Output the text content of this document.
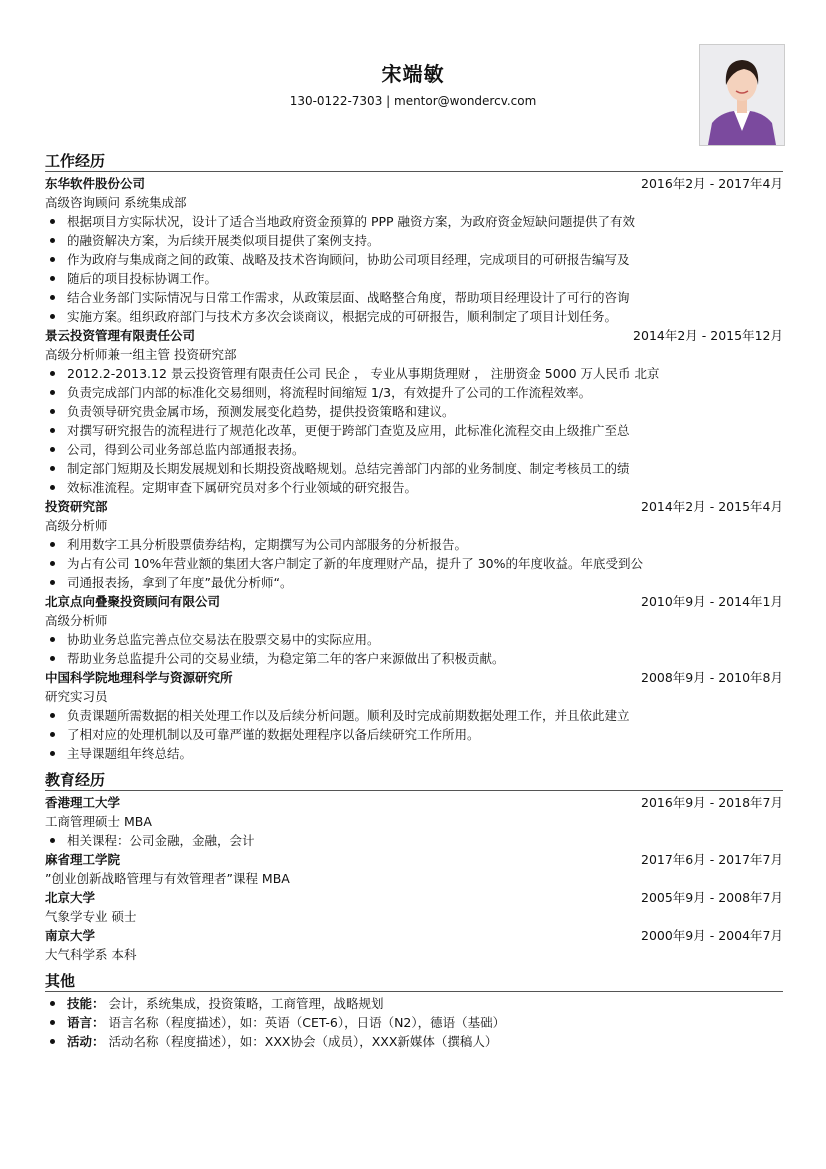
宋端敏
130-0122-7303 | mentor@wondercv.com
工作经历
东华软件股份公司	2016年2月 - 2017年4月
高级咨询顾问 系统集成部
根据项目方实际状况，设计了适合当地政府资金预算的 PPP 融资方案，为政府资金短缺问题提供了有效
的融资解决方案，为后续开展类似项目提供了案例支持。
作为政府与集成商之间的政策、战略及技术咨询顾问，协助公司项目经理，完成项目的可研报告编写及
随后的项目投标协调工作。
结合业务部门实际情况与日常工作需求，从政策层面、战略整合角度，帮助项目经理设计了可行的咨询
实施方案。组织政府部门与技术方多次会谈商议，根据完成的可研报告，顺利制定了项目计划任务。
景云投资管理有限责任公司	2014年2月 - 2015年12月
高级分析师兼一组主管 投资研究部
2012.2-2013.12 景云投资管理有限责任公司 民企 ， 专业从事期货理财 ， 注册资金 5000 万人民币 北京
负责完成部门内部的标准化交易细则，将流程时间缩短 1/3，有效提升了公司的工作流程效率。
负责领导研究贵金属市场，预测发展变化趋势，提供投资策略和建议。
对撰写研究报告的流程进行了规范化改革，更便于跨部门查览及应用，此标准化流程交由上级推广至总
公司，得到公司业务部总监内部通报表扬。
制定部门短期及长期发展规划和长期投资战略规划。总结完善部门内部的业务制度、制定考核员工的绩
效标准流程。定期审查下属研究员对多个行业领域的研究报告。
投资研究部	2014年2月 - 2015年4月
高级分析师
利用数字工具分析股票债券结构，定期撰写为公司内部服务的分析报告。
为占有公司 10%年营业额的集团大客户制定了新的年度理财产品，提升了 30%的年度收益。年底受到公
司通报表扬，拿到了年度”最优分析师“。
北京点向叠聚投资顾问有限公司	2010年9月 - 2014年1月
高级分析师
协助业务总监完善点位交易法在股票交易中的实际应用。
帮助业务总监提升公司的交易业绩，为稳定第二年的客户来源做出了积极贡献。
中国科学院地理科学与资源研究所	2008年9月 - 2010年8月
研究实习员
负责课题所需数据的相关处理工作以及后续分析问题。顺利及时完成前期数据处理工作，并且依此建立
了相对应的处理机制以及可靠严谨的数据处理程序以备后续研究工作所用。
主导课题组年终总结。
教育经历
香港理工大学	2016年9月 - 2018年7月
工商管理硕士 MBA
相关课程：公司金融，金融，会计
麻省理工学院	2017年6月 - 2017年7月
”创业创新战略管理与有效管理者”课程 MBA
北京大学	2005年9月 - 2008年7月
气象学专业 硕士
南京大学	2000年9月 - 2004年7月
大气科学系 本科
其他
技能： 会计，系统集成，投资策略，工商管理，战略规划
语言： 语言名称（程度描述），如：英语（CET-6），日语（N2），德语（基础）
活动： 活动名称（程度描述），如：XXX协会（成员），XXX新媒体（撰稿人）
